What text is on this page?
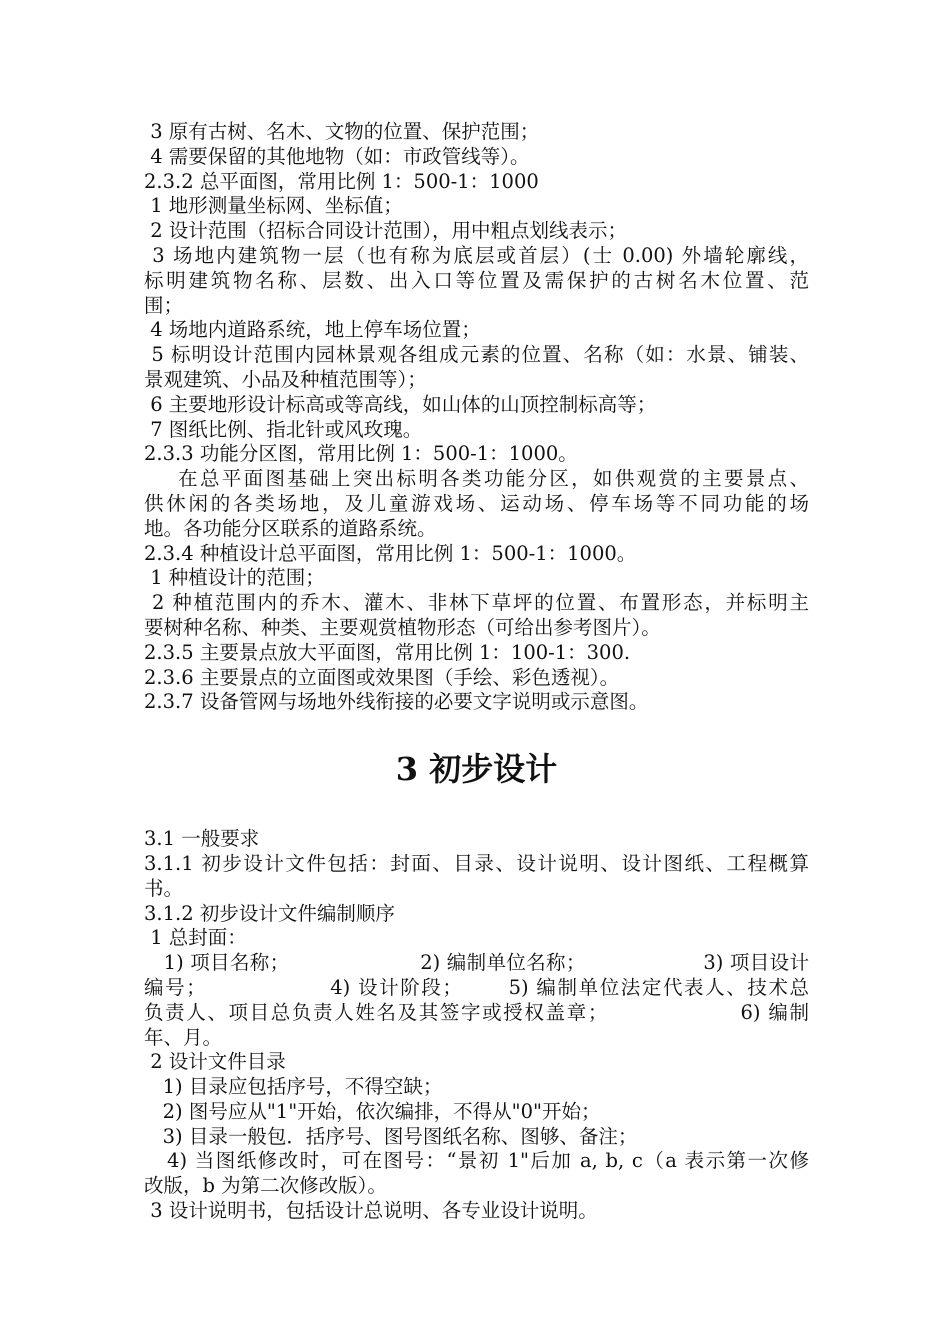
3 原有古树、名木、文物的位置、保护范围；

4 需要保留的其他地物（如：市政管线等）。

2.3.2 总平面图，常用比例 1：500-1：1000

1 地形测量坐标网、坐标值；

2 设计范围（招标合同设计范围），用中粗点划线表示；

3 场地内建筑物一层（也有称为底层或首层）(士 0.00) 外墙轮廓线，

标明建筑物名称、层数、出入口等位置及需保护的古树名木位置、范

围；

4 场地内道路系统，地上停车场位置；

5 标明设计范围内园林景观各组成元素的位置、名称（如：水景、铺装、

景观建筑、小品及种植范围等）；

6 主要地形设计标高或等高线，如山体的山顶控制标高等；

7 图纸比例、指北针或风玫瑰。

2.3.3 功能分区图，常用比例 1：500-1：1000。

在总平面图基础上突出标明各类功能分区，如供观赏的主要景点、

供休闲的各类场地，及儿童游戏场、运动场、停车场等不同功能的场

地。各功能分区联系的道路系统。

2.3.4 种植设计总平面图，常用比例 1：500-1：1000。

1 种植设计的范围；

2 种植范围内的乔木、灌木、非林下草坪的位置、布置形态，并标明主

要树种名称、种类、主要观赏植物形态（可给出参考图片）。

2.3.5 主要景点放大平面图，常用比例 1：100-1：300.

2.3.6 主要景点的立面图或效果图（手绘、彩色透视）。

2.3.7 设备管网与场地外线衔接的必要文字说明或示意图。

3 初步设计

3.1 一般要求

3.1.1 初步设计文件包括：封面、目录、设计说明、设计图纸、工程概算

书。

3.1.2 初步设计文件编制顺序

1 总封面：

1) 项目名称；                    2) 编制单位名称；                  3) 项目设计

编号；                4) 设计阶段；      5) 编制单位法定代表人、技术总

负责人、项目总负责人姓名及其签字或授权盖章；                 6) 编制

年、月。

2 设计文件目录

1) 目录应包括序号，不得空缺；

2) 图号应从"1"开始，依次编排，不得从"0"开始；

3) 目录一般包．括序号、图号图纸名称、图够、备注；

4) 当图纸修改时，可在图号：“景初 1"后加 a, b, c（a 表示第一次修

改版，b 为第二次修改版）。

3 设计说明书，包括设计总说明、各专业设计说明。
